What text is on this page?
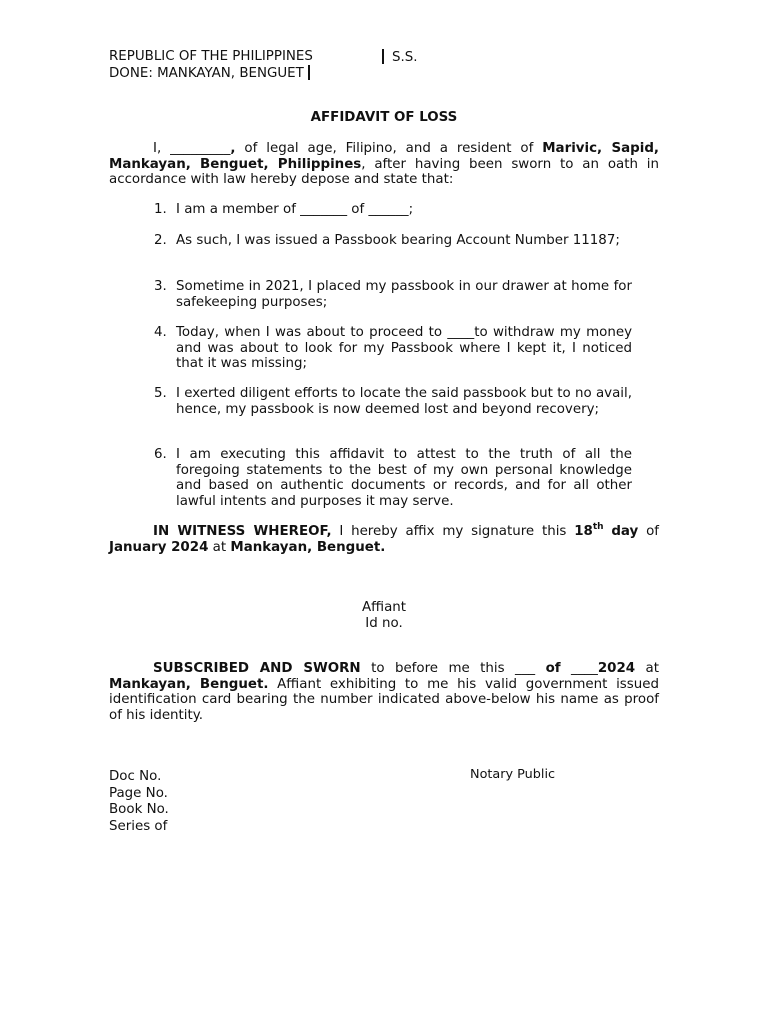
REPUBLIC OF THE PHILIPPINES	S.S.
DONE: MANKAYAN, BENGUET
AFFIDAVIT OF LOSS
I, _________, of legal age, Filipino, and a resident of Marivic, Sapid, Mankayan, Benguet, Philippines, after having been sworn to an oath in accordance with law hereby depose and state that:
1. I am a member of _______ of ______;
2. As such, I was issued a Passbook bearing Account Number 11187;
3. Sometime in 2021, I placed my passbook in our drawer at home for safekeeping purposes;
4. Today, when I was about to proceed to ____to withdraw my money and was about to look for my Passbook where I kept it, I noticed that it was missing;
5. I exerted diligent efforts to locate the said passbook but to no avail, hence, my passbook is now deemed lost and beyond recovery;
6. I am executing this affidavit to attest to the truth of all the foregoing statements to the best of my own personal knowledge and based on authentic documents or records, and for all other lawful intents and purposes it may serve.
IN WITNESS WHEREOF, I hereby affix my signature this 18th day of January 2024 at Mankayan, Benguet.
Affiant
Id no.
SUBSCRIBED AND SWORN to before me this ___ of ____2024 at Mankayan, Benguet. Affiant exhibiting to me his valid government issued identification card bearing the number indicated above-below his name as proof of his identity.
Notary Public
Doc No.
Page No.
Book No.
Series of
